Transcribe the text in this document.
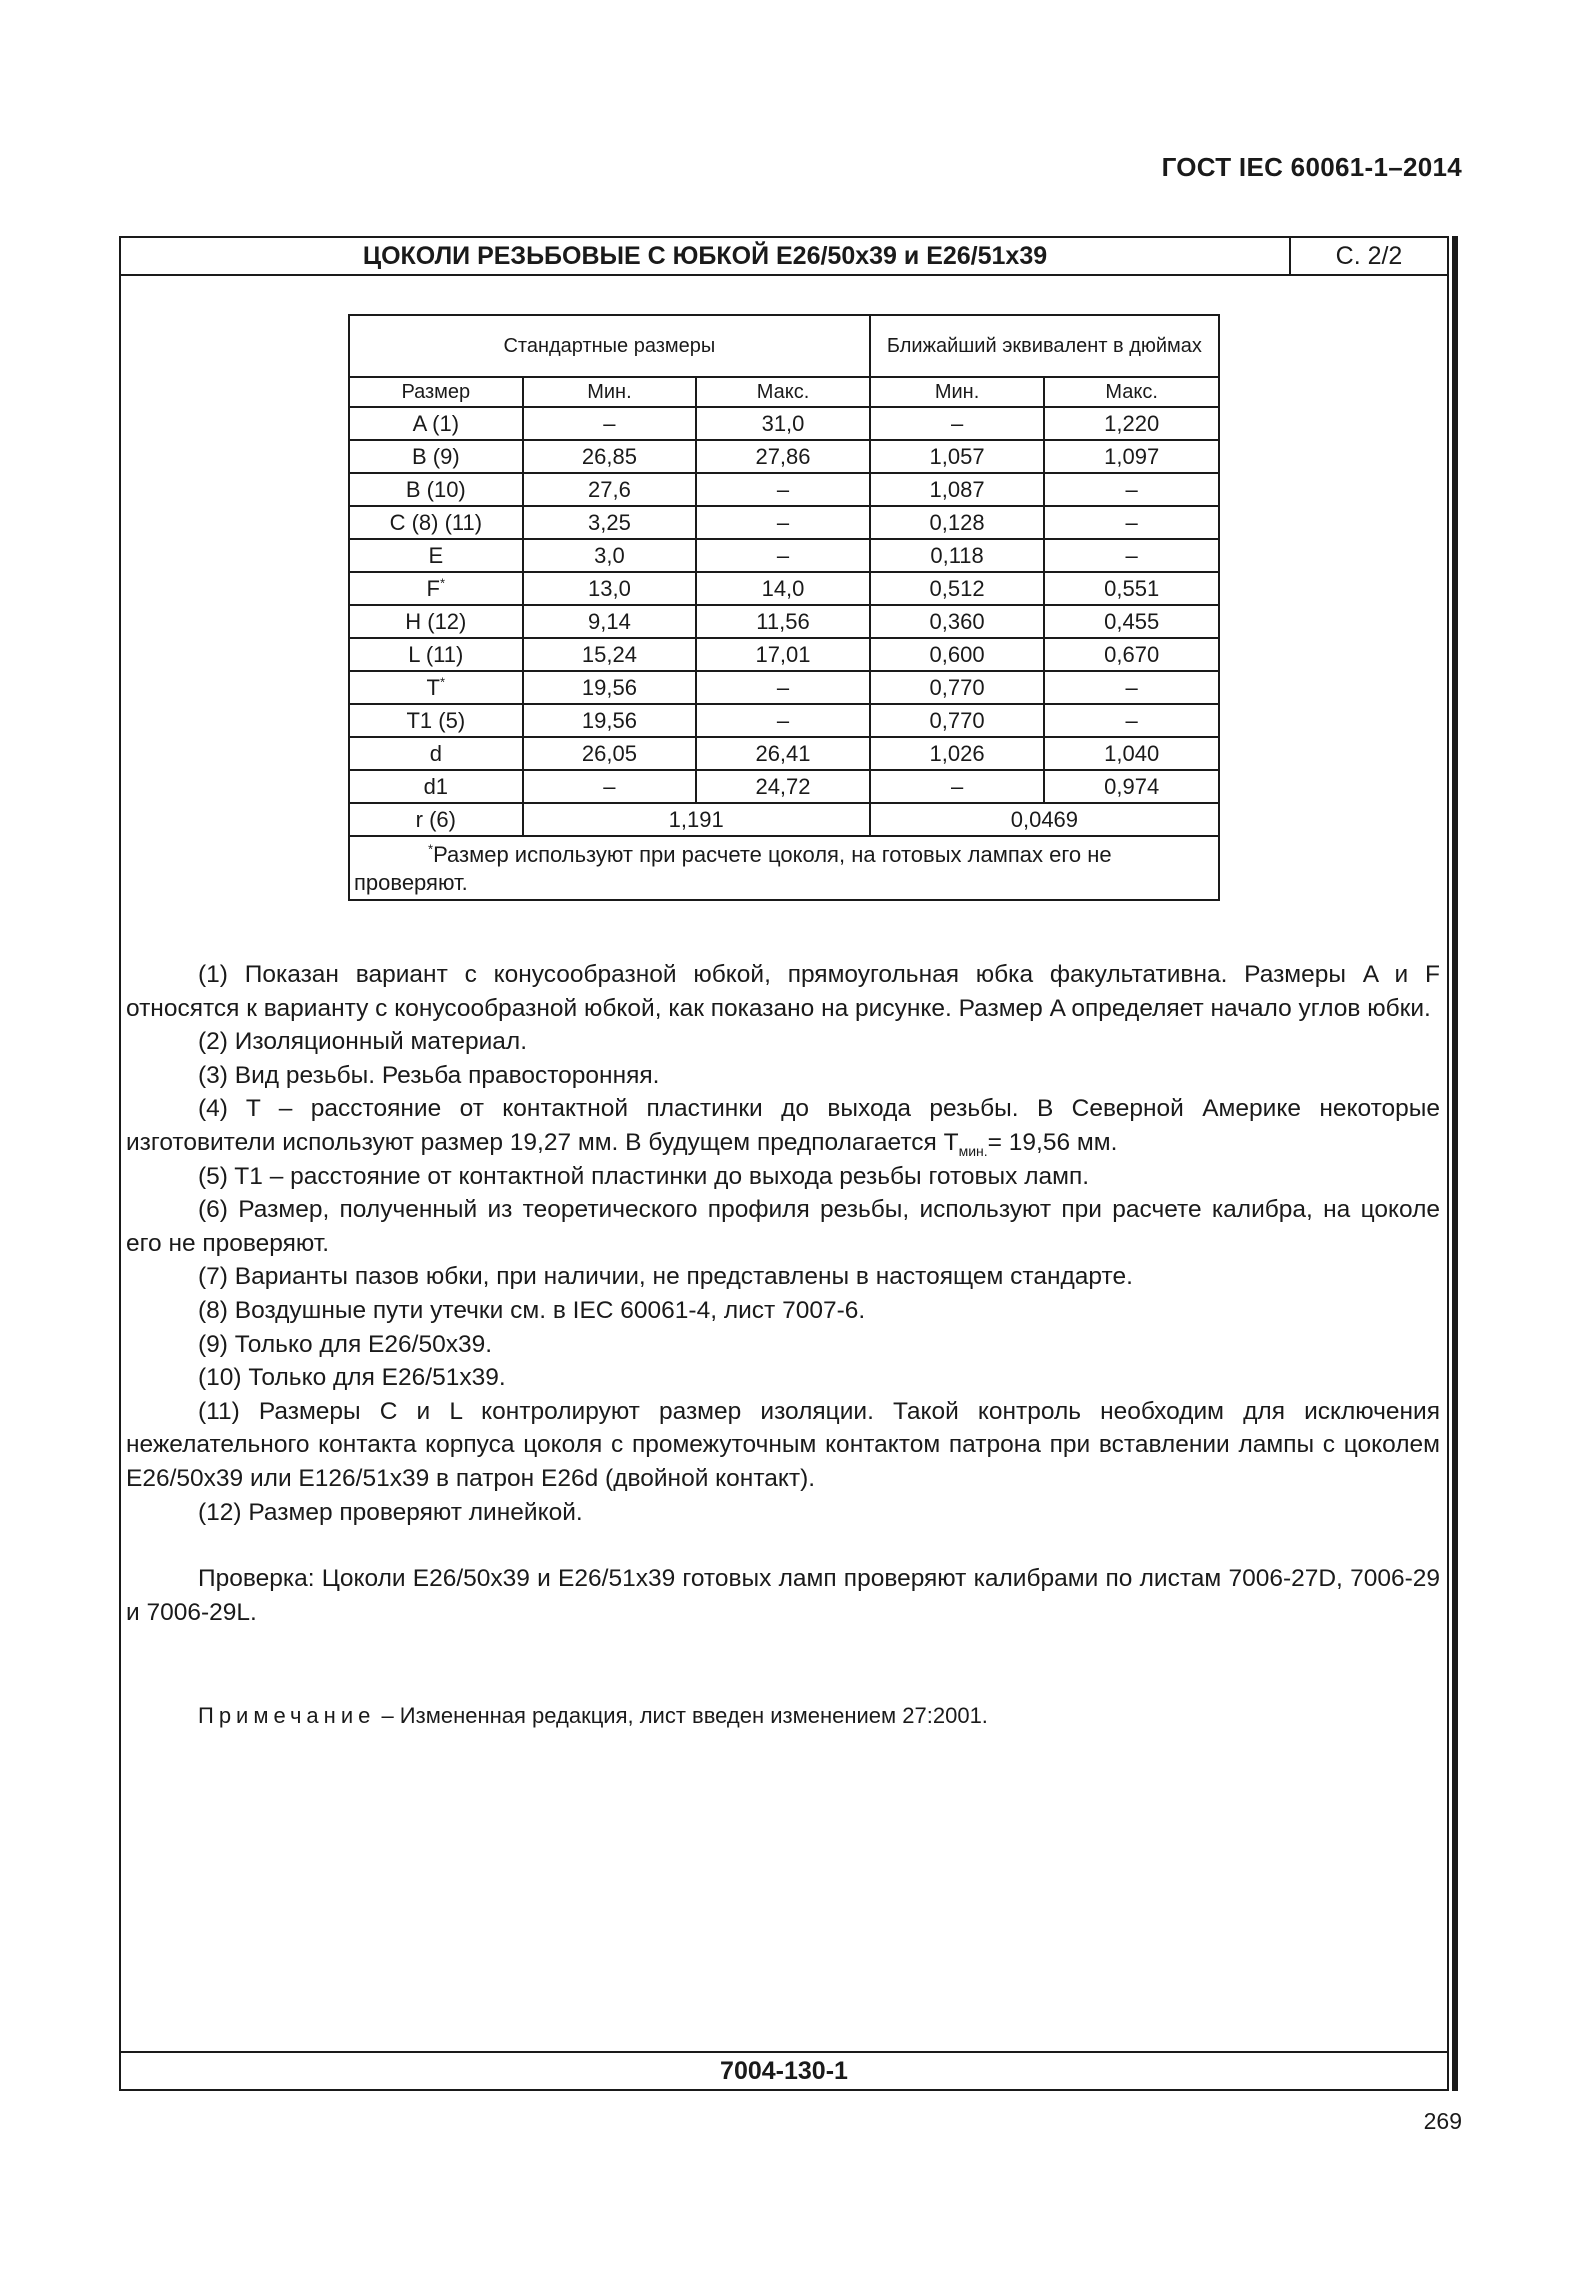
ГОСТ IEC 60061-1–2014
ЦОКОЛИ РЕЗЬБОВЫЕ С ЮБКОЙ E26/50x39 и E26/51x39	С. 2/2
7004-130-1
Стандартные размеры			Ближайший эквивалент в дюймах	
Размер	Мин.	Макс.	Мин.	Макс.
A (1)	–	31,0	–	1,220
B (9)	26,85	27,86	1,057	1,097
B (10)	27,6	–	1,087	–
C (8) (11)	3,25	–	0,128	–
E	3,0	–	0,118	–
F*	13,0	14,0	0,512	0,551
H (12)	9,14	11,56	0,360	0,455
L (11)	15,24	17,01	0,600	0,670
T*	19,56	–	0,770	–
T1 (5)	19,56	–	0,770	–
d	26,05	26,41	1,026	1,040
d1	–	24,72	–	0,974
r (6)	1,191		0,0469	
*Размер используют при расчете цоколя, на готовых лампах его не проверяют.				

(1) Показан вариант с конусообразной юбкой, прямоугольная юбка факультативна. Размеры A и F относятся к варианту с конусообразной юбкой, как показано на рисунке. Размер A определяет начало углов юбки.

(2) Изоляционный материал.

(3) Вид резьбы. Резьба правосторонняя.

(4) T – расстояние от контактной пластинки до выхода резьбы. В Северной Америке некоторые изготовители используют размер 19,27 мм. В будущем предполагается $T_{мин.}= 19,56$ мм.

(5) T1 – расстояние от контактной пластинки до выхода резьбы готовых ламп.

(6) Размер, полученный из теоретического профиля резьбы, используют при расчете калибра, на цоколе его не проверяют.

(7) Варианты пазов юбки, при наличии, не представлены в настоящем стандарте.

(8) Воздушные пути утечки см. в IEC 60061-4, лист 7007-6.

(9) Только для E26/50x39.

(10) Только для E26/51x39.

(11) Размеры C и L контролируют размер изоляции. Такой контроль необходим для исключения нежелательного контакта корпуса цоколя с промежуточным контактом патрона при вставлении лампы с цоколем E26/50x39 или E126/51x39 в патрон E26d (двойной контакт).

(12) Размер проверяют линейкой.

Проверка: Цоколи E26/50x39 и E26/51x39 готовых ламп проверяют калибрами по листам 7006-27D, 7006-29 и 7006-29L.

Примечание – Измененная редакция, лист введен изменением 27:2001.
269
